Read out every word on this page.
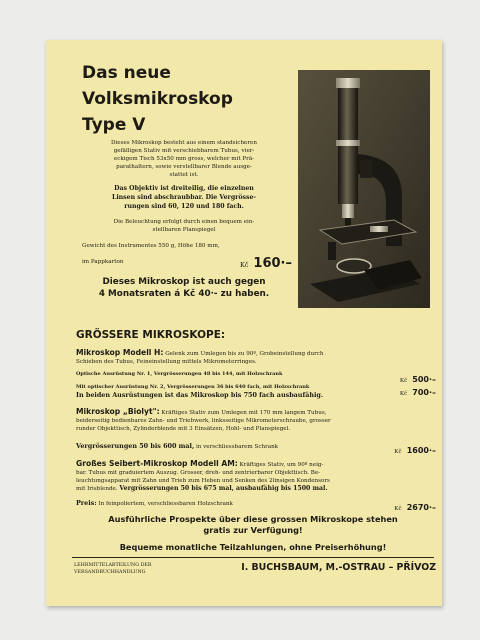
Das neue

Volksmikroskop

Type V

Dieses Mikroskop besteht aus einem standsicheren
gefälligen Stativ mit verschiebbarem Tubus, vier-
eckigem Tisch 53x50 mm gross, welcher mit Prä-
parathaltern, sowie verstellbarer Blende ausge-
stattet ist.
Das Objektiv ist dreiteilig, die einzelnen
Linsen sind abschraubbar. Die Vergrösse-
rungen sind 60, 120 und 180 fach.
Die Beleuchtung erfolgt durch einen bequem ein-
stellbaren Planspiegel
Gewicht des Instrumentes 550 g, Höhe 180 mm,
im Pappkarton	Kč 160·–
Dieses Mikroskop ist auch gegen
4 Monatsraten á Kč 40·- zu haben.
GRÖSSERE MIKROSKOPE:
Mikroskop Modell H: Gelenk zum Umlegen bis zu 90º, Grobeinstellung durch
Schieben des Tubus, Feineinstellung mittels Mikrometerringes.
Optische Ausrüstung Nr. 1, Vergrösserungen 48 bis 144, mit Holzschrank
Kč 500·–
Mit optischer Ausrüstung Nr. 2, Vergrösserungen 36 bis 640 fach, mit Holzschrank
Kč 700·–
In beiden Ausrüstungen ist das Mikroskop bis 750 fach ausbaufähig.
Mikroskop „Biolyt": Kräftiges Stativ zum Umlegen mit 170 mm langem Tubus,
beiderseitig bedienbares Zahn- und Triebwerk, linksseitige Mikrometerschraube, grosser
runder Objekttisch, Zylinderblende mit 3 Einsätzen, Hohl- und Planspiegel.
Vergrösserungen 50 bis 600 mal, in verschliessbarem Schrank
Kč 1600·–
Großes Seibert-Mikroskop Modell AM: Kräftiges Stativ, um 90º neig-
bar. Tubus mit graduiertem Auszug. Grosser, dreh- und zentrierbarer Objekttisch. Be-
leuchtungsapparat mit Zahn und Trieb zum Heben und Senken des 2linsigen Kondensors
mit Irisblende. Vergrösserungen 50 bis 675 mal, ausbaufähig bis 1500 mal.
Preis: In feinpoliertem, verschliessbaren Holzschrank
Kč 2670·–
Ausführliche Prospekte über diese grossen Mikroskope stehen
gratis zur Verfügung!
Bequeme monatliche Teilzahlungen, ohne Preiserhöhung!
LEHRMITTELABTEILUNG DER
VERSANDBUCHHANDLUNG	I. BUCHSBAUM, M.-OSTRAU – PŘÍVOZ
